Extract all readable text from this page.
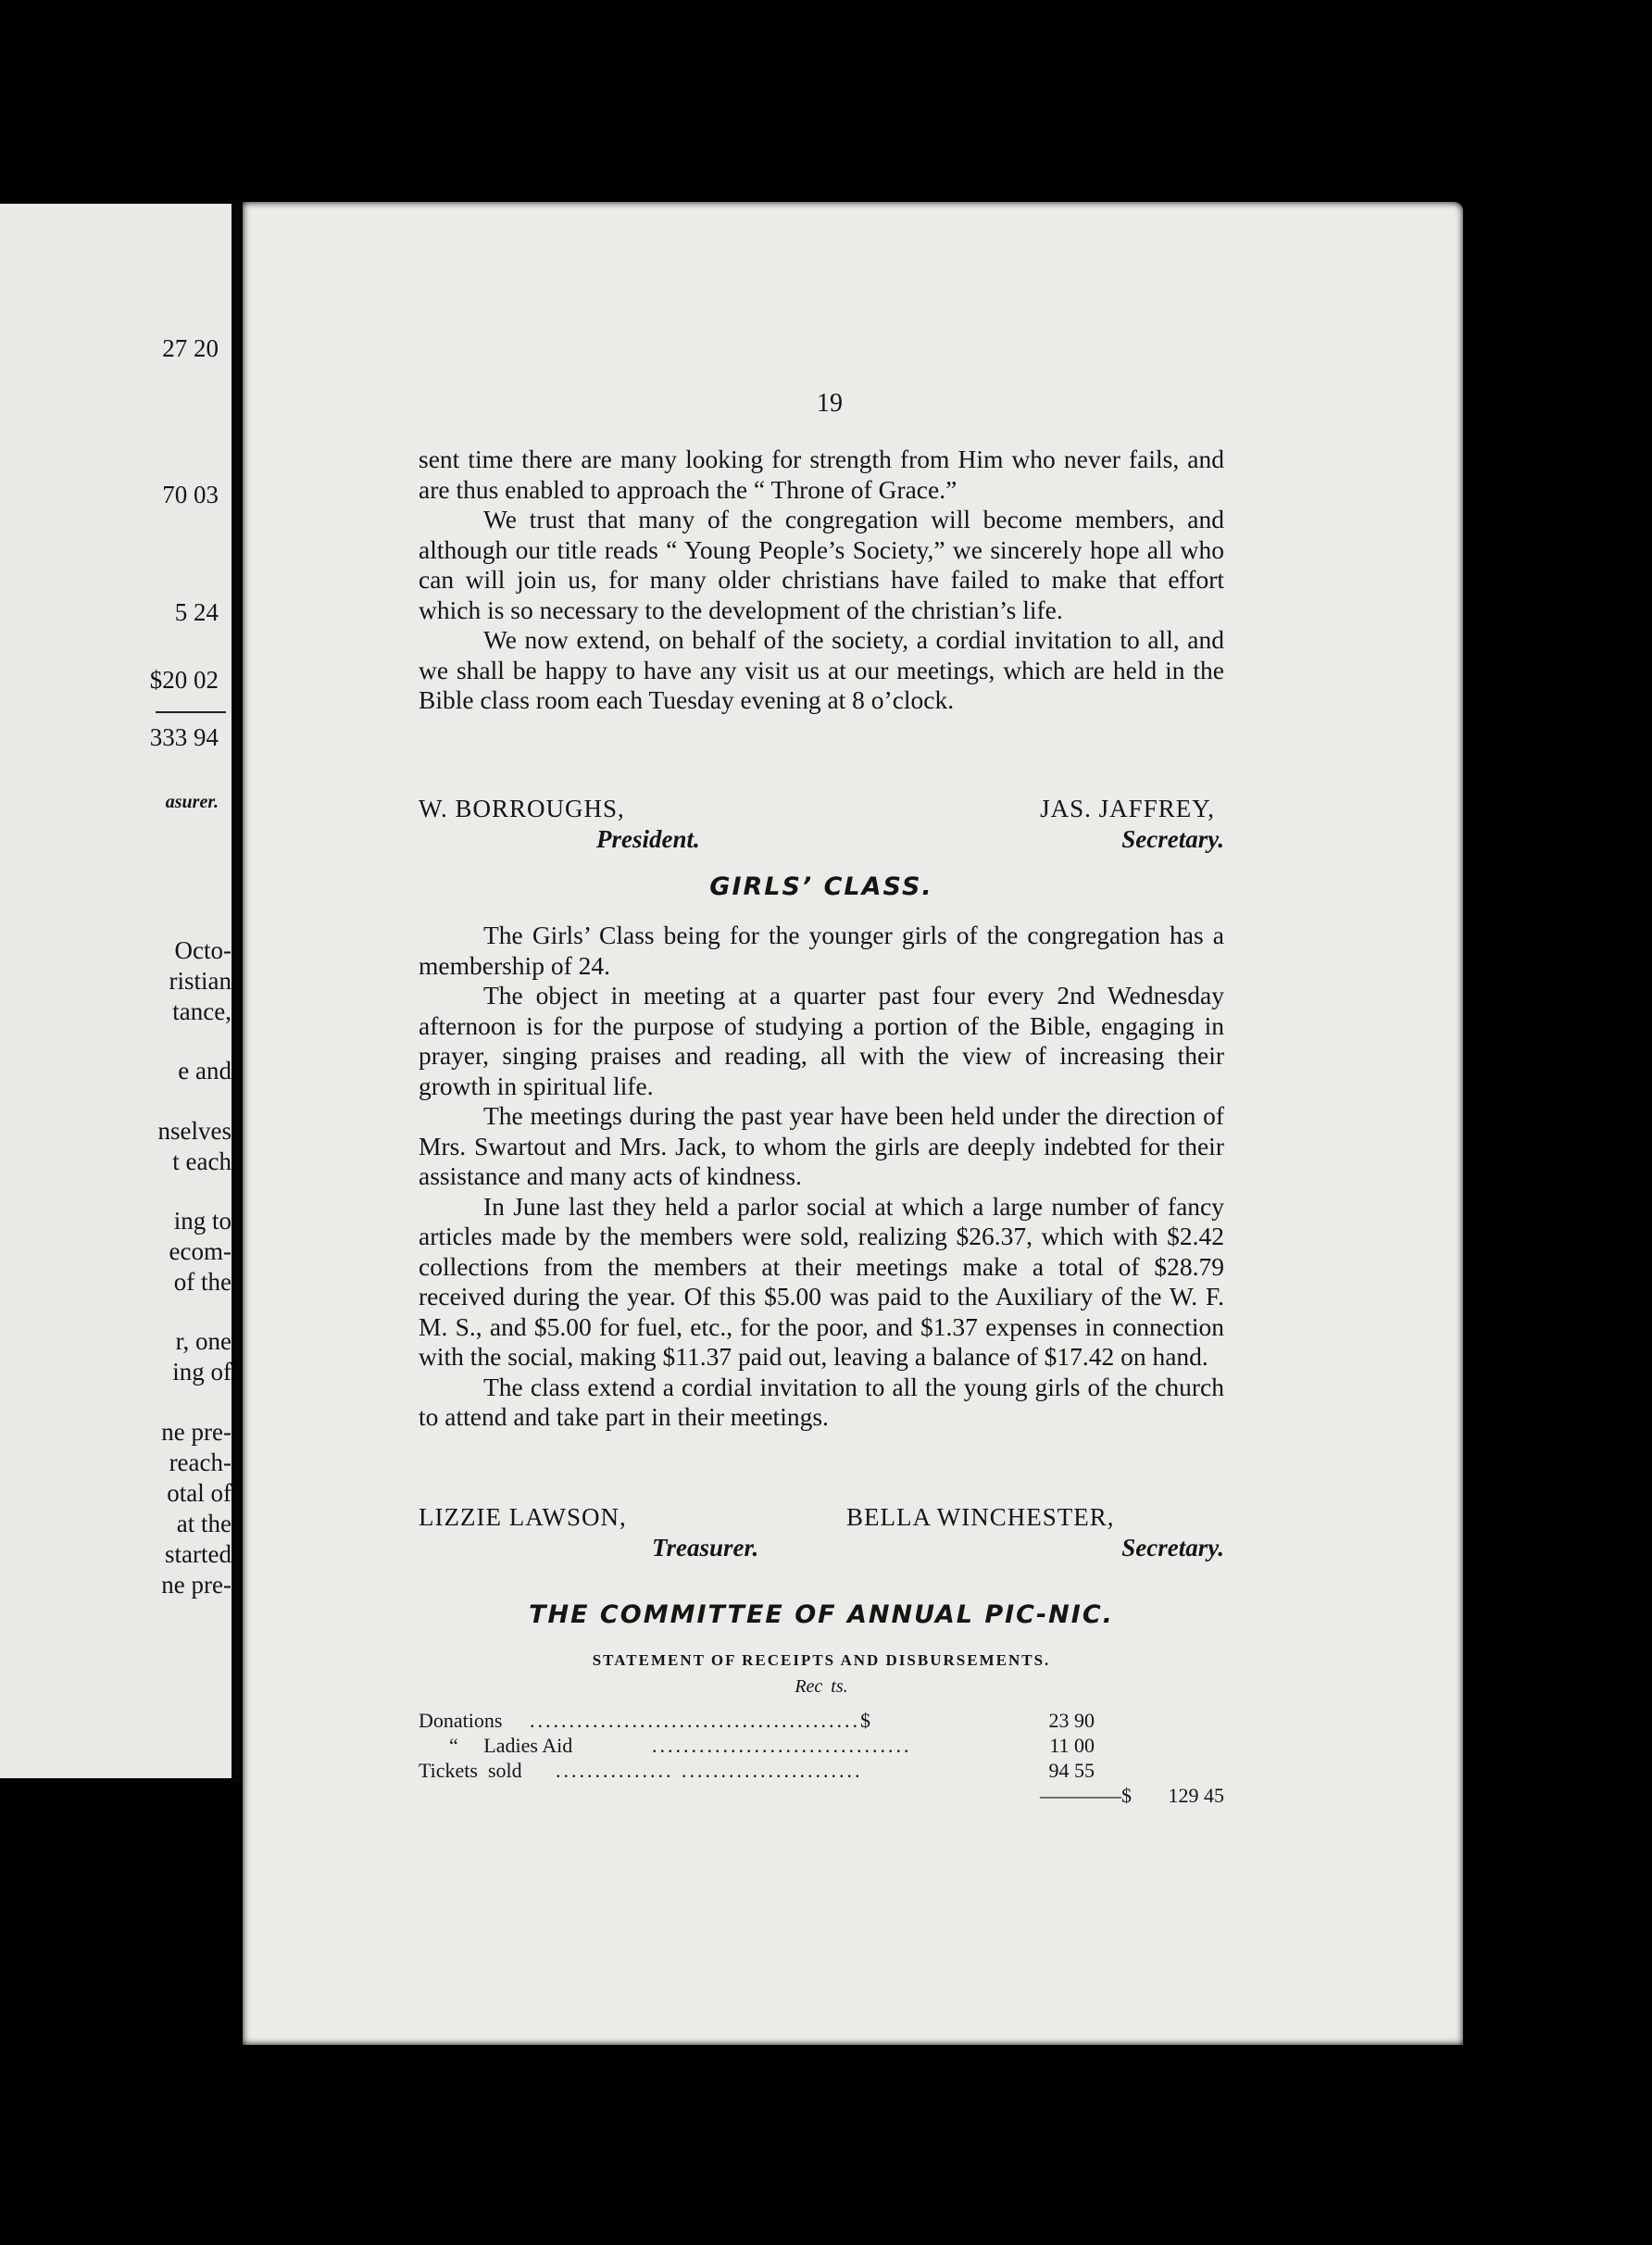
27 20
70 03
5 24
$20 02
333 94
asurer.
Octo-
ristian
tance,
e and
nselves
t each
ing to
ecom-
of the
r, one
ing of
ne pre-
reach-
otal of
at the
started
ne pre-
19

sent time there are many looking for strength from Him who never fails, and are thus enabled to approach the “ Throne of Grace.”

We trust that many of the congregation will become members, and although our title reads “ Young People’s Society,” we sincerely hope all who can will join us, for many older christians have failed to make that effort which is so necessary to the development of the christian’s life.

We now extend, on behalf of the society, a cordial invitation to all, and we shall be happy to have any visit us at our meetings, which are held in the Bible class room each Tuesday evening at 8 o’clock.

W. BORROUGHS,
President.
JAS. JAFFREY,
Secretary.
GIRLS’ CLASS.

The Girls’ Class being for the younger girls of the congregation has a membership of 24.

The object in meeting at a quarter past four every 2nd Wednesday afternoon is for the purpose of studying a portion of the Bible, engaging in prayer, singing praises and reading, all with the view of increasing their growth in spiritual life.

The meetings during the past year have been held under the direction of Mrs. Swartout and Mrs. Jack, to whom the girls are deeply indebted for their assistance and many acts of kindness.

In June last they held a parlor social at which a large number of fancy articles made by the members were sold, realizing $26.37, which with $2.42 collections from the members at their meetings make a total of $28.79 received during the year. Of this $5.00 was paid to the Auxiliary of the W. F. M. S., and $5.00 for fuel, etc., for the poor, and $1.37 expenses in connection with the social, making $11.37 paid out, leaving a balance of $17.42 on hand.

The class extend a cordial invitation to all the young girls of the church to attend and take part in their meetings.

LIZZIE LAWSON,
Treasurer.
BELLA WINCHESTER,
Secretary.
THE COMMITTEE OF ANNUAL PIC-NIC.
STATEMENT OF RECEIPTS AND DISBURSEMENTS.
Rec  ts.
Donations ..........................................$	23 90
“     Ladies Aid	.................................	11 00
Tickets  sold ............... .......................	94 55
————$	129 45
